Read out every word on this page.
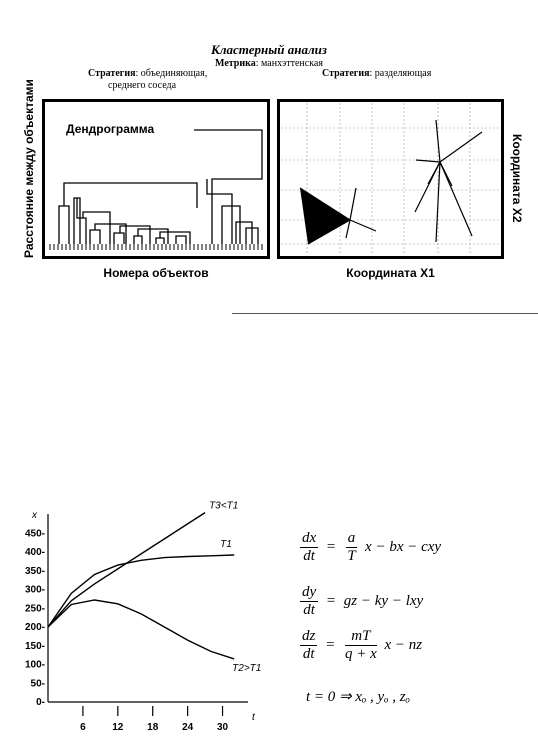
Кластерный анализ
Метрика: манхэттенская
Стратегия: объединяющая,
среднего соседа
Стратегия: разделяющая
Расстояние между объектами	Дендрограмма
Номера объектов	Координата X1
Координата X2
0-
50-
100-
150-
200-
250-
300-
350-
400-
450-
6	12 18 24 30
x
t
T3<T1
T1
T2>T1
$\frac{dx}{dt} = \frac{a}{T}$ x − bx − cxy
$\frac{dy}{dt}$ = gz − ky − lxy
$\frac{dz}{dt} = \frac{mT}{q + x}$ x − nz
t = 0 ⇒ xₒ , yₒ , zₒ
